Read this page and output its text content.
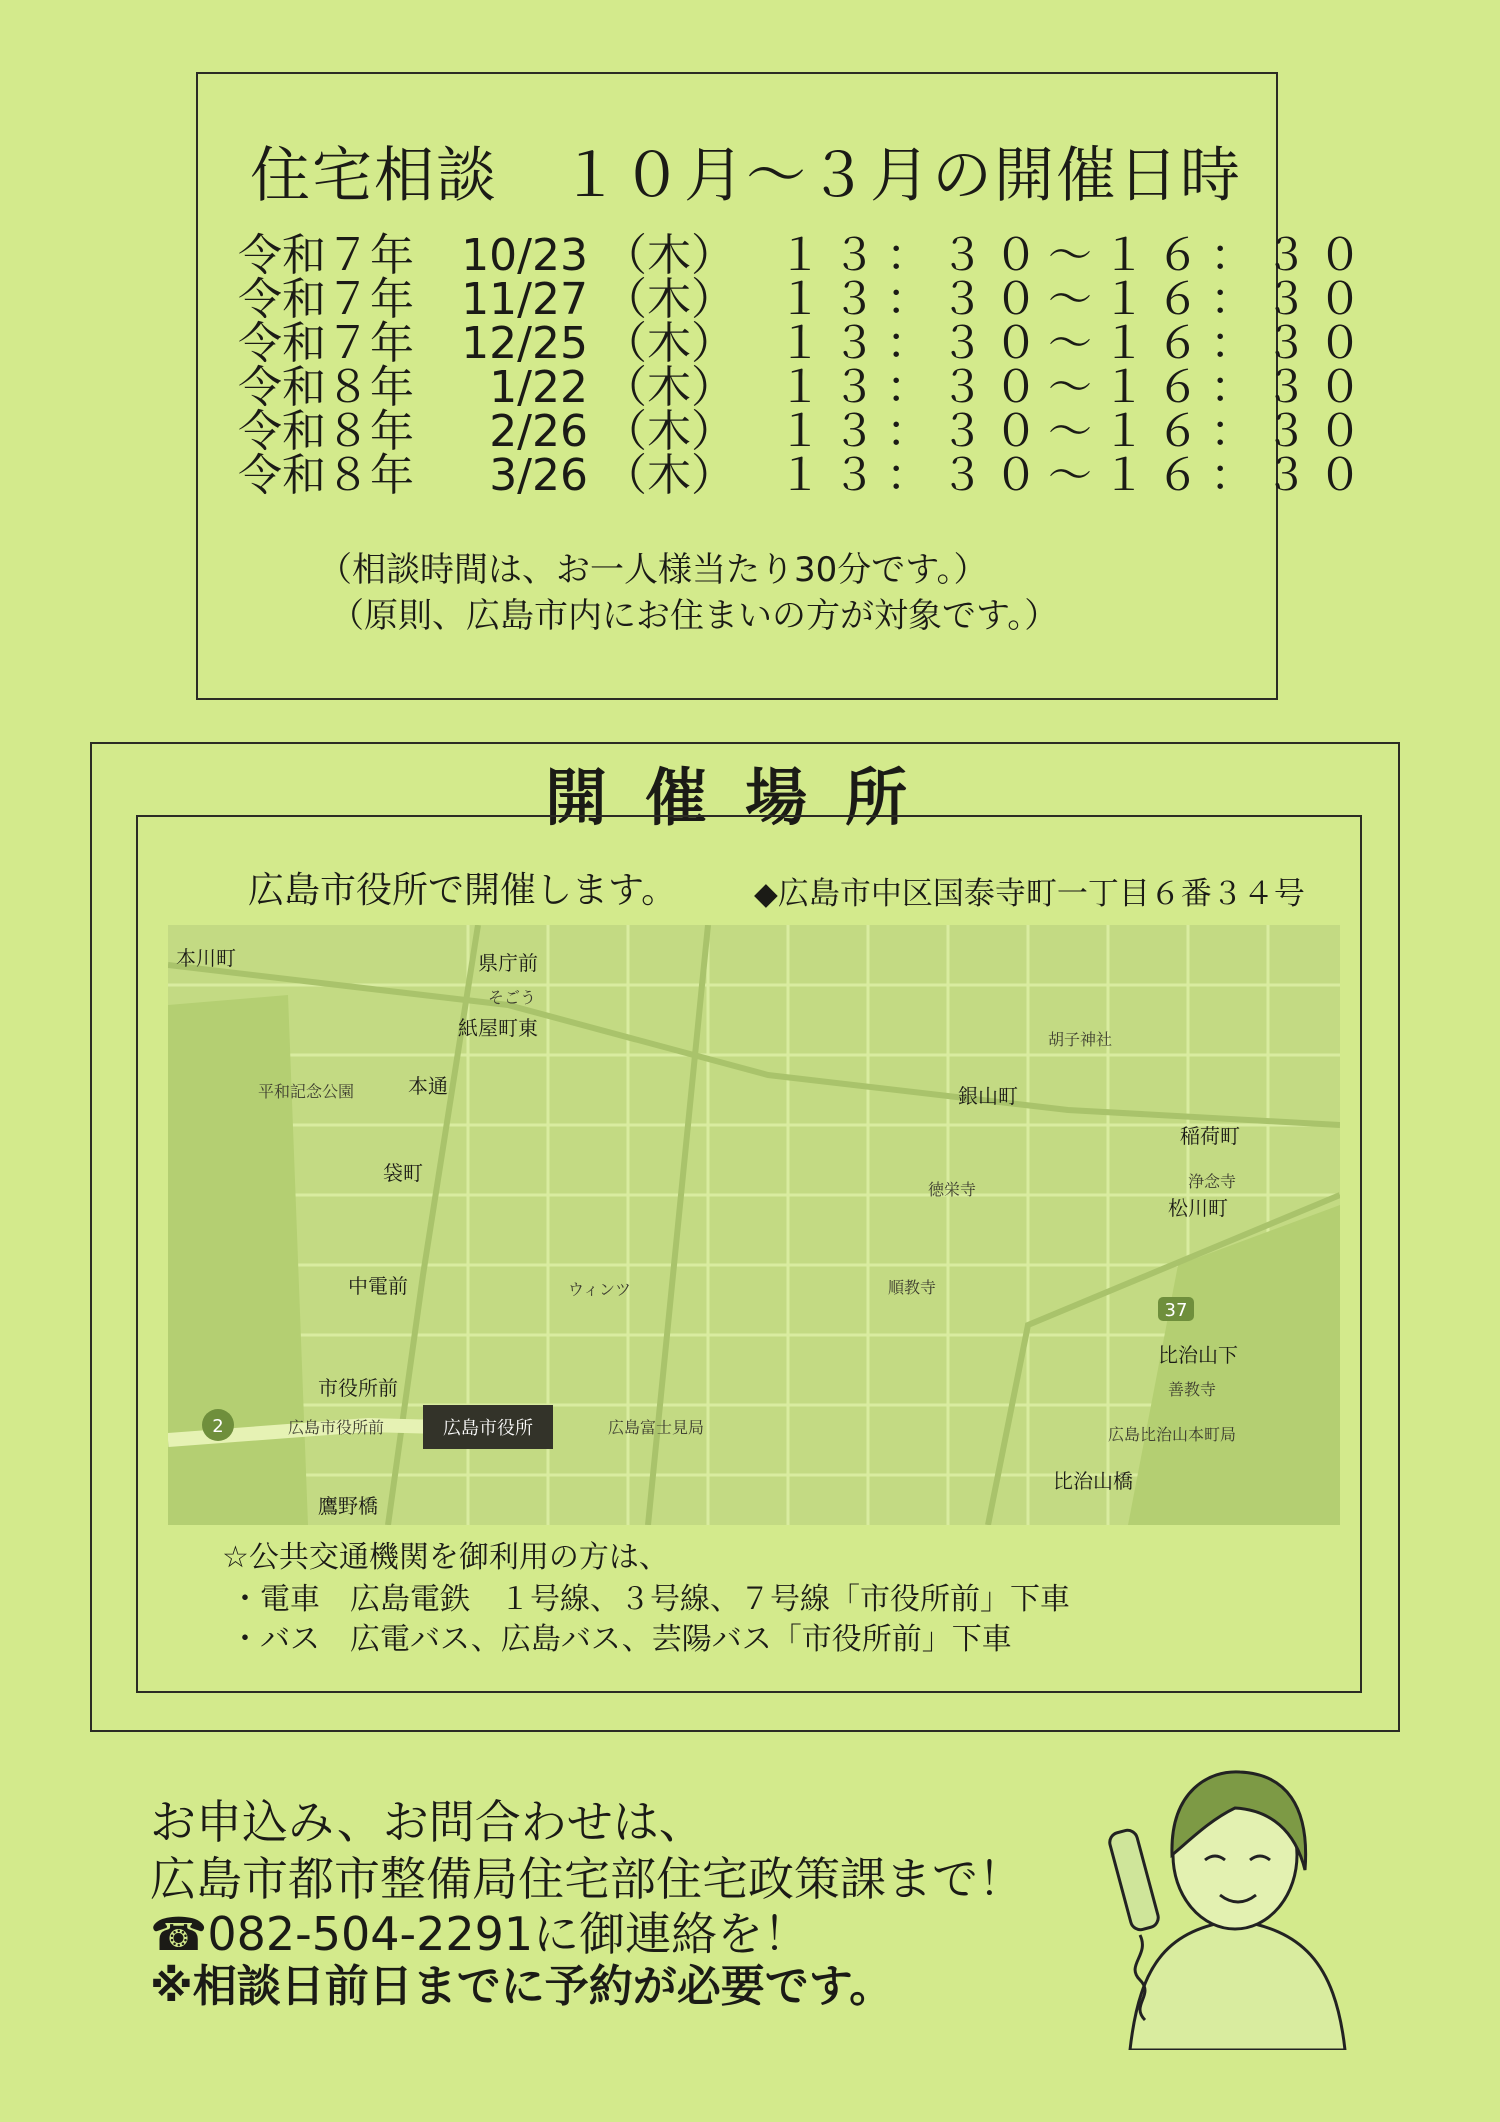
住宅相談　１０月～３月の開催日時
令和７年 10/23 （木） １３：３０～１６：３０
令和７年 11/27 （木） １３：３０～１６：３０
令和７年 12/25 （木） １３：３０～１６：３０
令和８年	1/22 （木） １３：３０～１６：３０
令和８年	2/26 （木） １３：３０～１６：３０
令和８年	3/26 （木） １３：３０～１６：３０
（相談時間は、お一人様当たり30分です。）
（原則、広島市内にお住まいの方が対象です。）
開催場所
広島市役所で開催します。 ◆広島市中区国泰寺町一丁目６番３４号
本川町	県庁前
紙屋町東
本通	銀山町
稲荷町
袋町
松川町
中電前
比治山下
市役所前
比治山橋
鷹野橋
平和記念公園
そごう
徳栄寺	浄念寺
胡子神社
順教寺
善教寺
ウィンツ
広島富士見局	広島比治山本町局
広島市役所前
2
37
広島市役所
☆公共交通機関を御利用の方は、
・電車　広島電鉄　１号線、３号線、７号線「市役所前」下車
・バス　広電バス、広島バス、芸陽バス「市役所前」下車
お申込み、お問合わせは、
広島市都市整備局住宅部住宅政策課まで！
☎082-504-2291に御連絡を！
※相談日前日までに予約が必要です。
